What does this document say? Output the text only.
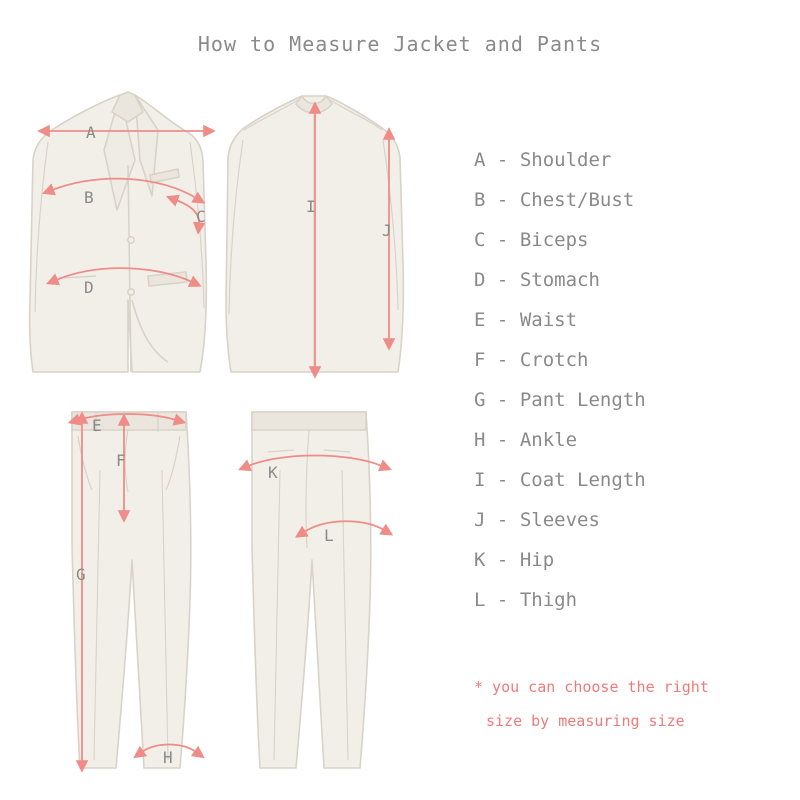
How to Measure Jacket and Pants
A
B
C
D
I
J
E
F
G
H
K
L
A - Shoulder
B - Chest/Bust
C - Biceps
D - Stomach
E - Waist
F - Crotch
G - Pant Length
H - Ankle
I - Coat Length
J - Sleeves
K - Hip
L - Thigh
* you can choose the right
size by measuring size
